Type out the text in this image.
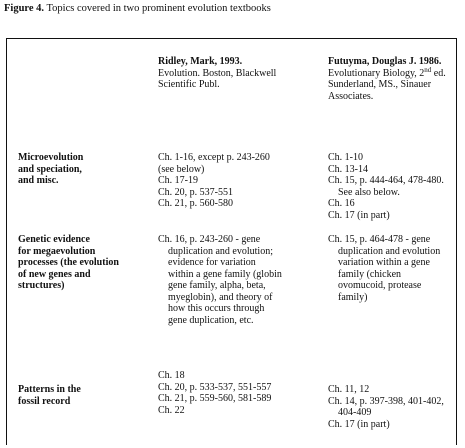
Figure 4. Topics covered in two prominent evolution textbooks
Ridley, Mark, 1993.
Evolution. Boston, Blackwell
Scientific Publ.
Futuyma, Douglas J. 1986.
Evolutionary Biology, 2nd ed.
Sunderland, MS., Sinauer
Associates.
Microevolution
and speciation,
and misc.
Ch. 1-16, except p. 243-260
(see below)
Ch. 17-19
Ch. 20, p. 537-551
Ch. 21, p. 560-580
Ch. 1-10
Ch. 13-14
Ch. 15, p. 444-464, 478-480.
See also below.
Ch. 16
Ch. 17 (in part)
Genetic evidence
for megaevolution
processes (the evolution
of new genes and
structures)
Ch. 16, p. 243-260 - gene
duplication and evolution;
evidence for variation
within a gene family (globin
gene family, alpha, beta,
myeglobin), and theory of
how this occurs through
gene duplication, etc.
Ch. 15, p. 464-478 - gene
duplication and evolution
variation within a gene
family (chicken
ovomucoid, protease
family)
Patterns in the
fossil record
Ch. 18
Ch. 20, p. 533-537, 551-557
Ch. 21, p. 559-560, 581-589
Ch. 22
Ch. 11, 12
Ch. 14, p. 397-398, 401-402,
404-409
Ch. 17 (in part)
